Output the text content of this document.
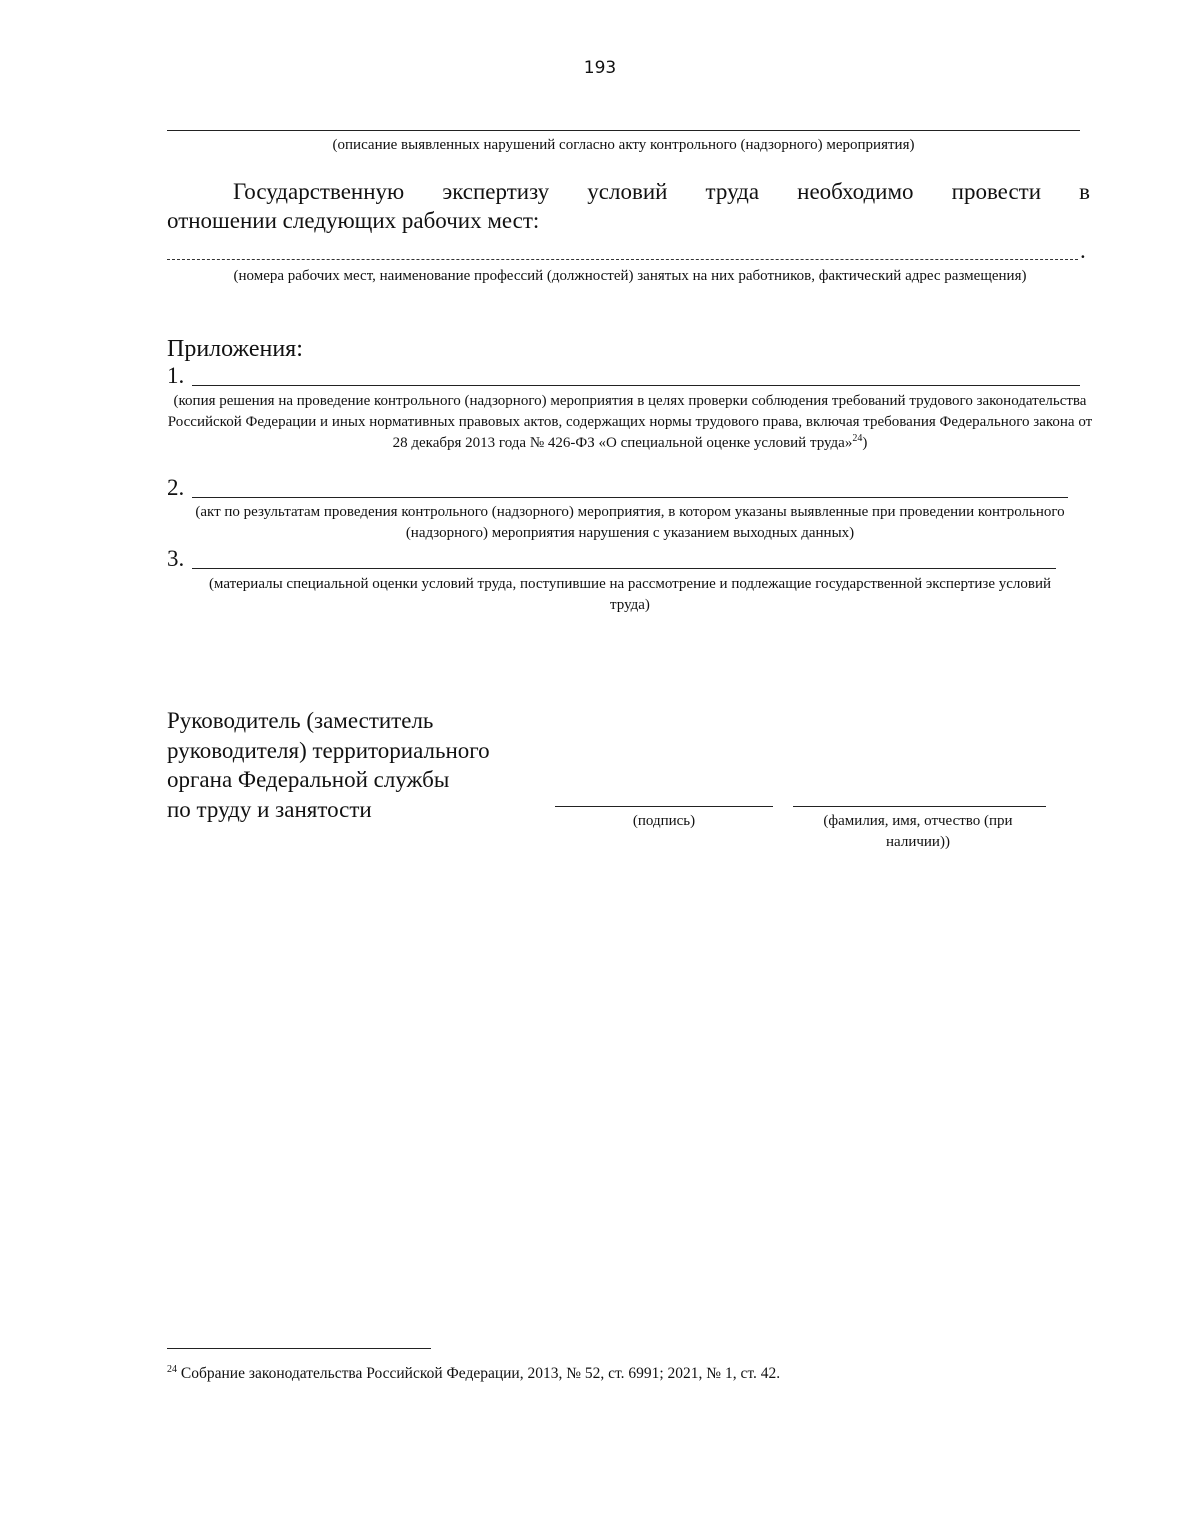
193
(описание выявленных нарушений согласно акту контрольного (надзорного) мероприятия)
Государственную экспертизу условий труда необходимо провести в
отношении следующих рабочих мест:
.
(номера рабочих мест, наименование профессий (должностей) занятых на них работников, фактический адрес размещения)
Приложения:
1.
(копия решения на проведение контрольного (надзорного) мероприятия в целях проверки соблюдения требований трудового законодательства Российской Федерации и иных нормативных правовых актов, содержащих нормы трудового права, включая требования Федерального закона от 28 декабря 2013 года № 426-ФЗ «О специальной оценке условий труда»$^{24}$)
2.
(акт по результатам проведения контрольного (надзорного) мероприятия, в котором указаны выявленные при проведении контрольного (надзорного) мероприятия нарушения с указанием выходных данных)
3.
(материалы специальной оценки условий труда, поступившие на рассмотрение и подлежащие государственной экспертизе условий труда)
Руководитель (заместитель
руководителя) территориального
органа Федеральной службы
по труду и занятости	(подпись)	(фамилия, имя, отчество (при наличии))
$^{24}$ Собрание законодательства Российской Федерации, 2013, № 52, ст. 6991; 2021, № 1, ст. 42.
